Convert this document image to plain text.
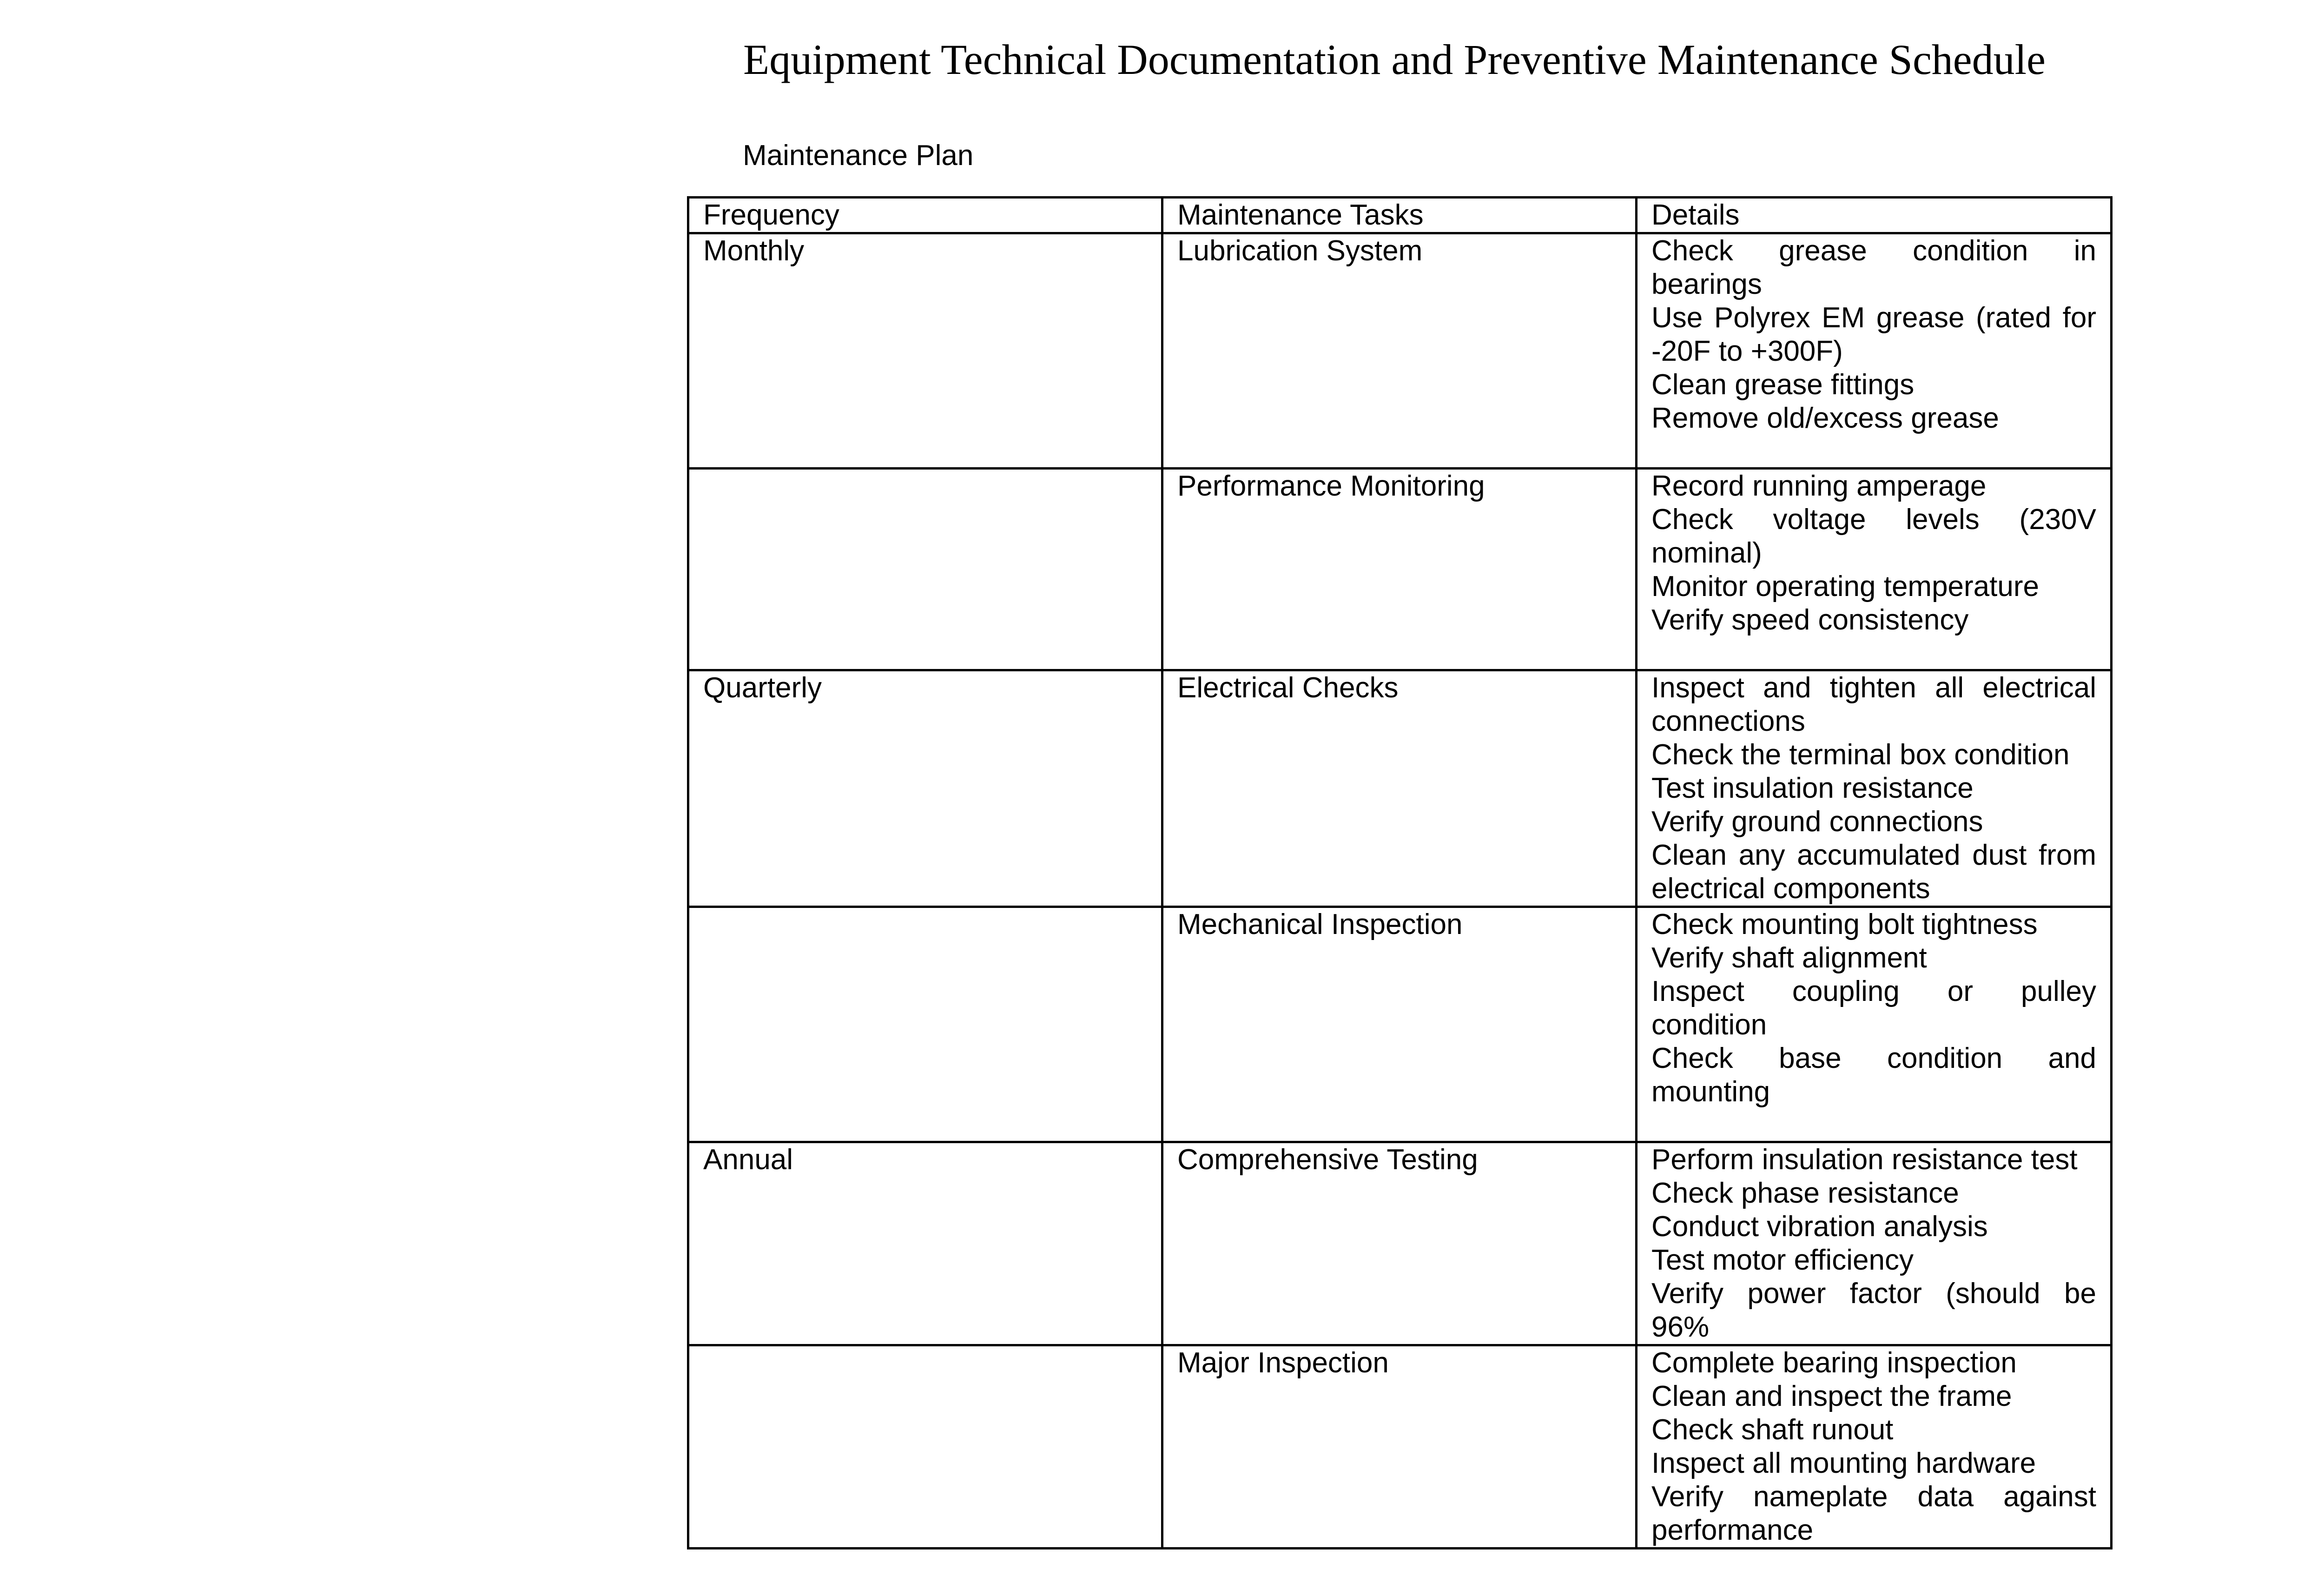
Equipment Technical Documentation and Preventive Maintenance Schedule
Maintenance Plan
Frequency	Maintenance Tasks	Details
Monthly	Lubrication System	Check grease condition in bearings
Use Polyrex EM grease (rated for -20F to +300F)
Clean grease fittings
Remove old/excess grease

	Performance Monitoring	Record running amperage
Check voltage levels (230V nominal)
Monitor operating temperature
Verify speed consistency

Quarterly	Electrical Checks	Inspect and tighten all electrical connections
Check the terminal box condition
Test insulation resistance
Verify ground connections
Clean any accumulated dust from electrical components

	Mechanical Inspection	Check mounting bolt tightness
Verify shaft alignment
Inspect coupling or pulley condition
Check base condition and mounting

Annual	Comprehensive Testing	Perform insulation resistance test
Check phase resistance
Conduct vibration analysis
Test motor efficiency
Verify power factor (should be 96%

	Major Inspection	Complete bearing inspection
Clean and inspect the frame
Check shaft runout
Inspect all mounting hardware
Verify nameplate data against performance
